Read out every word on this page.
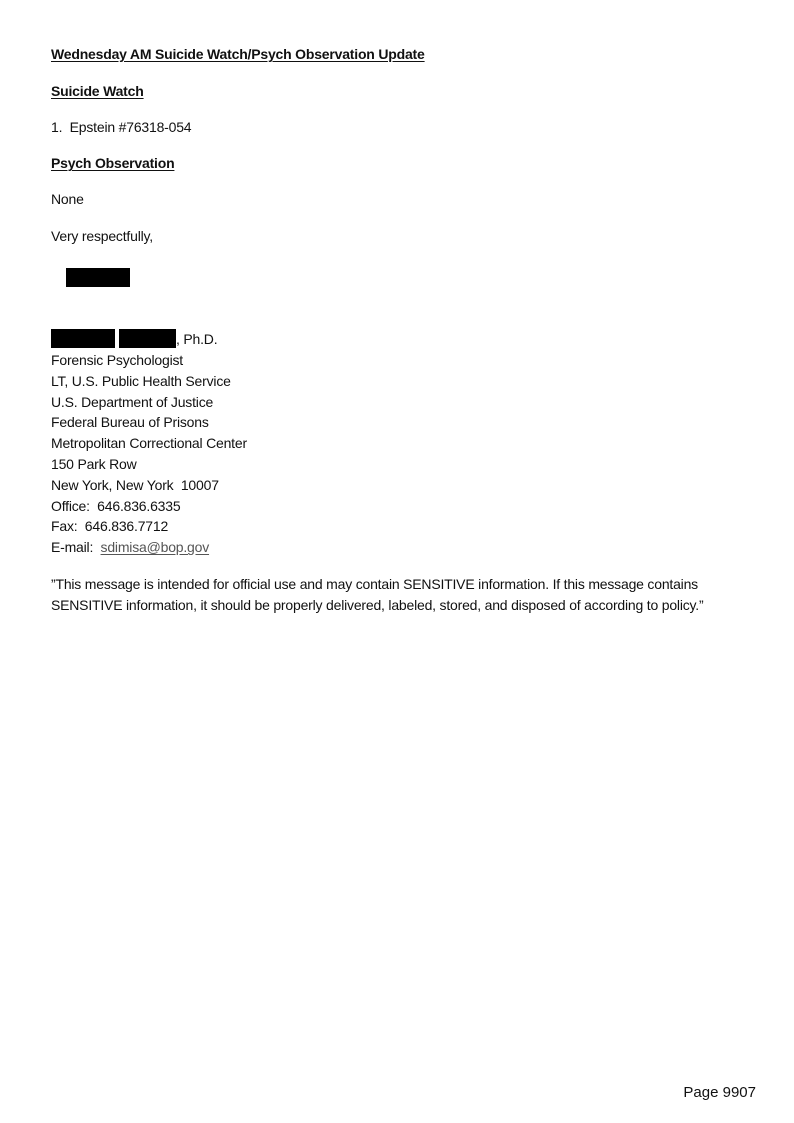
Wednesday AM Suicide Watch/Psych Observation Update

Suicide Watch

1.  Epstein #76318-054

Psych Observation

None

Very respectfully,

, Ph.D.

Forensic Psychologist

LT, U.S. Public Health Service

U.S. Department of Justice

Federal Bureau of Prisons

Metropolitan Correctional Center

150 Park Row

New York, New York  10007

Office:  646.836.6335

Fax:  646.836.7712

E-mail:  sdimisa@bop.gov

”This message is intended for official use and may contain SENSITIVE information. If this message contains SENSITIVE information, it should be properly delivered, labeled, stored, and disposed of according to policy.”

Page 9907
